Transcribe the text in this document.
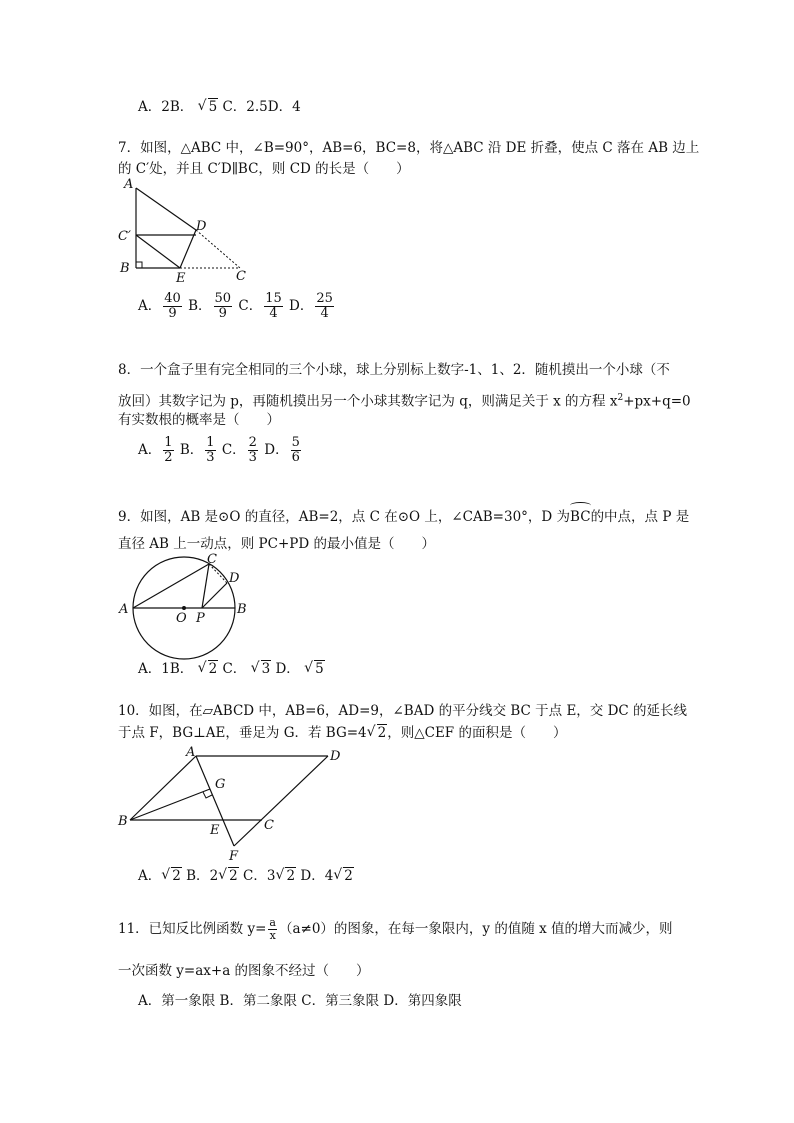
A．2B． √ 5 C．2.5D．4
7．如图，△ABC 中，∠B=90°，AB=6，BC=8，将△ABC 沿 DE 折叠，使点 C 落在 AB 边上
的 C′处，并且 C′D∥BC，则 CD 的长是（　　）
A
C′
B
D
E	C
A． $\frac{40}{9}$ B． $\frac{50}{9}$ C． $\frac{15}{4}$ D． $\frac{25}{4}$
8．一个盒子里有完全相同的三个小球，球上分别标上数字-1、1、2．随机摸出一个小球（不
放回）其数字记为 p，再随机摸出另一个小球其数字记为 q，则满足关于 x 的方程 $x^2+px+q=0$
有实数根的概率是（　　）
A． $\frac{1}{2}$ B． $\frac{1}{3}$ C． $\frac{2}{3}$ D． $\frac{5}{6}$
9．如图，AB 是⊙O 的直径，AB=2，点 C 在⊙O 上，∠CAB=30°，D 为BC的中点，点 P 是
直径 AB 上一动点，则 PC+PD 的最小值是（　　）
A	B
C
D
O P
A．1B． √ 2 C． √ 3 D． √ 5
10．如图，在▱ABCD 中，AB=6，AD=9，∠BAD 的平分线交 BC 于点 E，交 DC 的延长线
于点 F，BG⊥AE，垂足为 G．若 BG=4 √ 2，则△CEF 的面积是（　　）
A	D
B	C
E
F
G
A． √ 2 B．2 √ 2 C．3 √ 2 D．4 √ 2
11．已知反比例函数 $y= \frac{a}{x} (a\ne 0)$的图象，在每一象限内，y 的值随 x 值的增大而减少，则
一次函数 y=ax+a 的图象不经过（　　）
A．第一象限 B．第二象限 C．第三象限 D．第四象限
